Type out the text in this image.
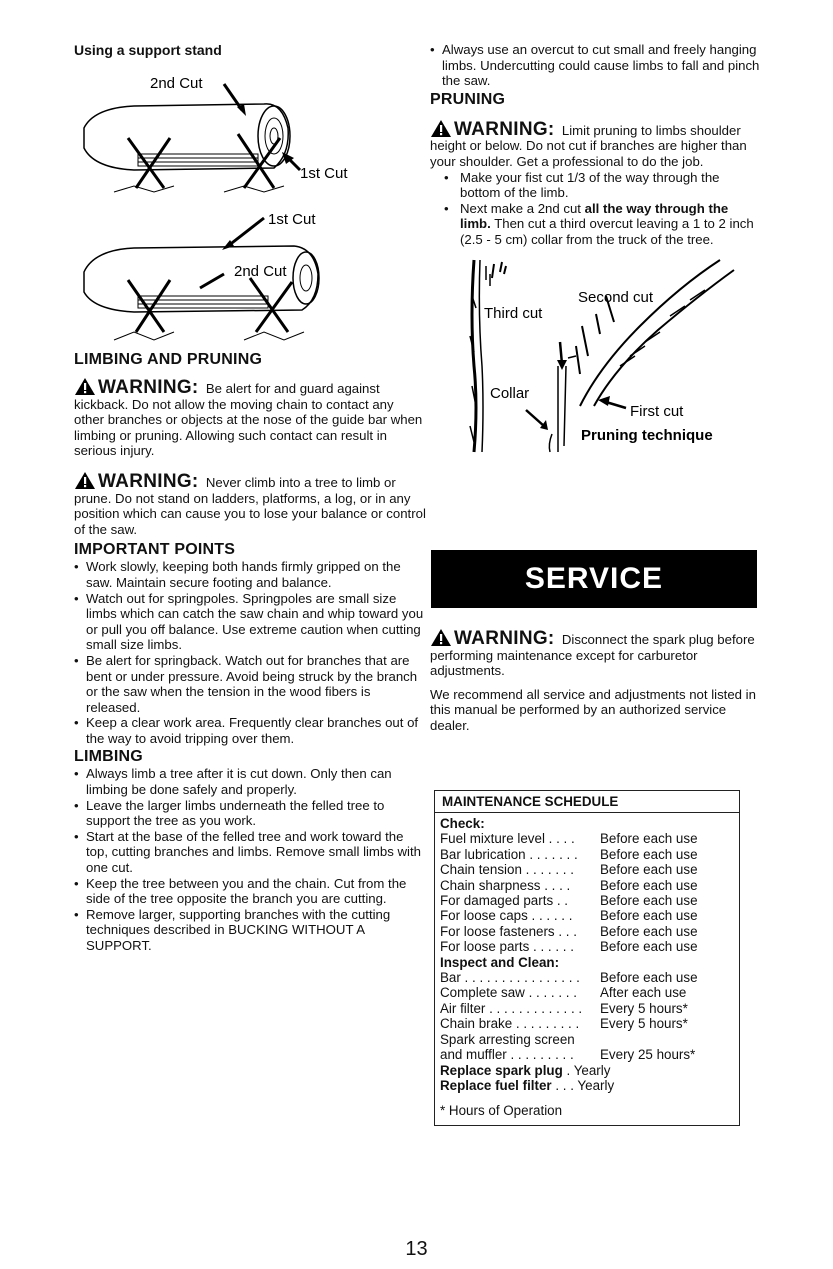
Using a support stand

2nd Cut
1st Cut
1st Cut
2nd Cut

LIMBING AND PRUNING

WARNING: Be alert for and guard against kickback. Do not allow the moving chain to contact any other branches or objects at the nose of the guide bar when limbing or pruning. Allowing such contact can result in serious injury.

WARNING: Never climb into a tree to limb or prune. Do not stand on ladders, platforms, a log, or in any position which can cause you to lose your balance or control of the saw.

IMPORTANT POINTS

• Work slowly, keeping both hands firmly gripped on the saw. Maintain secure footing and balance.
• Watch out for springpoles. Springpoles are small size limbs which can catch the saw chain and whip toward you or pull you off balance. Use extreme caution when cutting small size limbs.
• Be alert for springback. Watch out for branches that are bent or under pressure. Avoid being struck by the branch or the saw when the tension in the wood fibers is released.
• Keep a clear work area. Frequently clear branches out of the way to avoid tripping over them.

LIMBING

• Always limb a tree after it is cut down. Only then can limbing be done safely and properly.
• Leave the larger limbs underneath the felled tree to support the tree as you work.
• Start at the base of the felled tree and work toward the top, cutting branches and limbs. Remove small limbs with one cut.
• Keep the tree between you and the chain. Cut from the side of the tree opposite the branch you are cutting.
• Remove larger, supporting branches with the cutting techniques described in BUCKING WITHOUT A SUPPORT.
• Always use an overcut to cut small and freely hanging limbs. Undercutting could cause limbs to fall and pinch the saw.

PRUNING

WARNING: Limit pruning to limbs shoulder height or below. Do not cut if branches are higher than your shoulder. Get a professional to do the job.

• Make your fist cut 1/3 of the way through the bottom of the limb.
• Next make a 2nd cut all the way through the limb. Then cut a third overcut leaving a 1 to 2 inch (2.5 - 5 cm) collar from the truck of the tree.
Second cut
Third cut
Collar
First cut
Pruning technique
SERVICE

WARNING: Disconnect the spark plug before performing maintenance except for carburetor adjustments.

We recommend all service and adjustments not listed in this manual be performed by an authorized service dealer.

MAINTENANCE SCHEDULE
Check:
Fuel mixture level . . . .	Before each use
Bar lubrication . . . . . . .	Before each use
Chain tension . . . . . . .	Before each use
Chain sharpness . . . .	Before each use
For damaged parts . .	Before each use
For loose caps . . . . . .	Before each use
For loose fasteners . . .	Before each use
For loose parts . . . . . .	Before each use
Inspect and Clean:
Bar . . . . . . . . . . . . . . . .	Before each use
Complete saw . . . . . . .	After each use
Air filter . . . . . . . . . . . . .	Every 5 hours*
Chain brake . . . . . . . . .	Every 5 hours*
Spark arresting screen
and muffler . . . . . . . . .	Every 25 hours*
Replace spark plug . Yearly
Replace fuel filter . . . Yearly
* Hours of Operation
13
